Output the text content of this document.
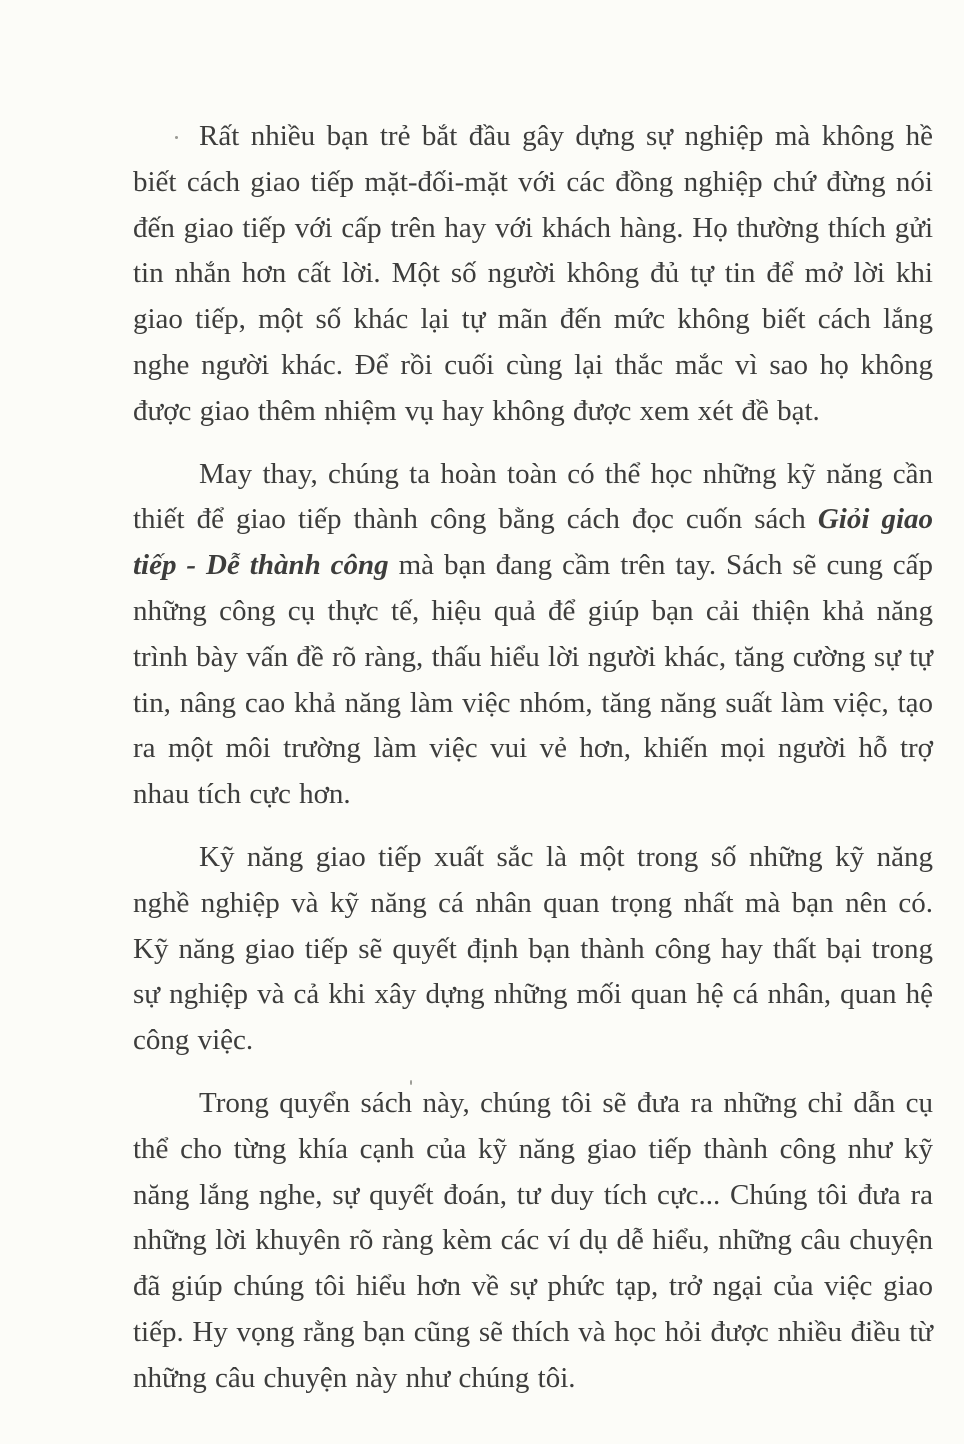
Rất nhiều bạn trẻ bắt đầu gây dựng sự nghiệp mà không hề biết cách giao tiếp mặt-đối-mặt với các đồng nghiệp chứ đừng nói đến giao tiếp với cấp trên hay với khách hàng. Họ thường thích gửi tin nhắn hơn cất lời. Một số người không đủ tự tin để mở lời khi giao tiếp, một số khác lại tự mãn đến mức không biết cách lắng nghe người khác. Để rồi cuối cùng lại thắc mắc vì sao họ không được giao thêm nhiệm vụ hay không được xem xét đề bạt.

May thay, chúng ta hoàn toàn có thể học những kỹ năng cần thiết để giao tiếp thành công bằng cách đọc cuốn sách Giỏi giao tiếp - Dễ thành công mà bạn đang cầm trên tay. Sách sẽ cung cấp những công cụ thực tế, hiệu quả để giúp bạn cải thiện khả năng trình bày vấn đề rõ ràng, thấu hiểu lời người khác, tăng cường sự tự tin, nâng cao khả năng làm việc nhóm, tăng năng suất làm việc, tạo ra một môi trường làm việc vui vẻ hơn, khiến mọi người hỗ trợ nhau tích cực hơn.

Kỹ năng giao tiếp xuất sắc là một trong số những kỹ năng nghề nghiệp và kỹ năng cá nhân quan trọng nhất mà bạn nên có. Kỹ năng giao tiếp sẽ quyết định bạn thành công hay thất bại trong sự nghiệp và cả khi xây dựng những mối quan hệ cá nhân, quan hệ công việc.

Trong quyển sách này, chúng tôi sẽ đưa ra những chỉ dẫn cụ thể cho từng khía cạnh của kỹ năng giao tiếp thành công như kỹ năng lắng nghe, sự quyết đoán, tư duy tích cực... Chúng tôi đưa ra những lời khuyên rõ ràng kèm các ví dụ dễ hiểu, những câu chuyện đã giúp chúng tôi hiểu hơn về sự phức tạp, trở ngại của việc giao tiếp. Hy vọng rằng bạn cũng sẽ thích và học hỏi được nhiều điều từ những câu chuyện này như chúng tôi.
